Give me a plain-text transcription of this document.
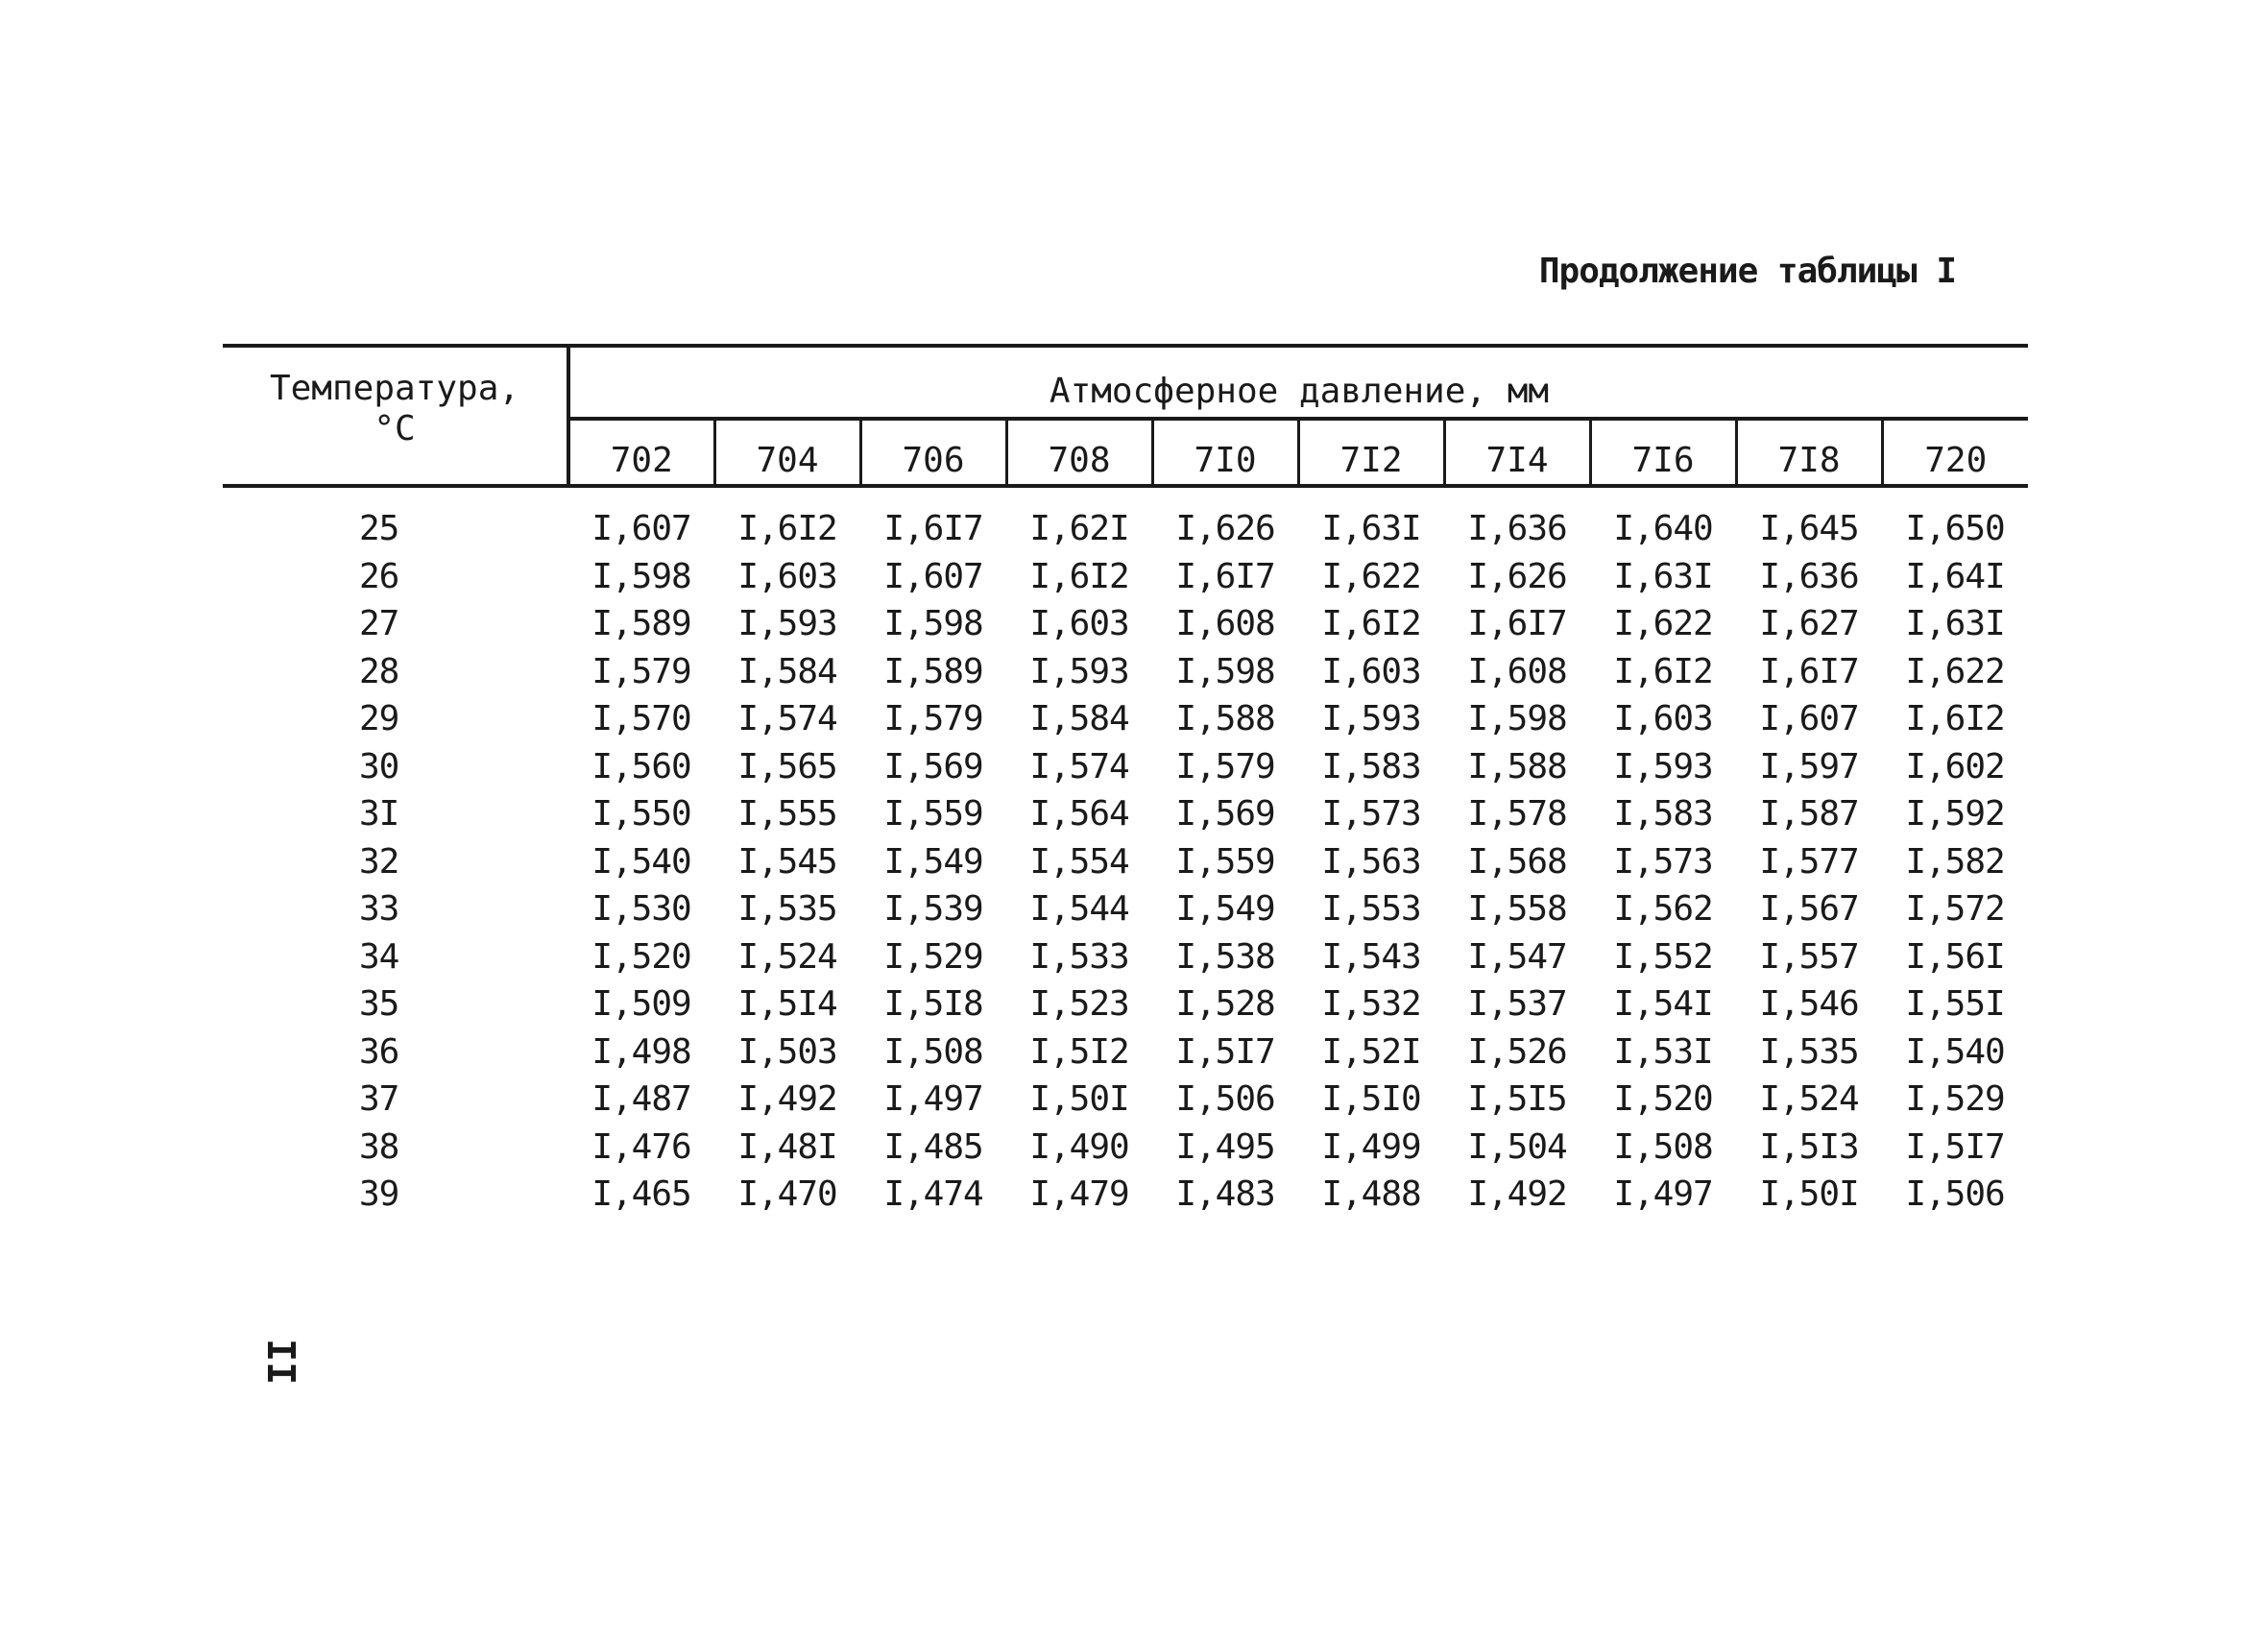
Продолжение таблицы I
Температура,
°C	Атмосферное давление, мм									
	702	704	706	708	7I0	7I2	7I4	7I6	7I8	720
25	I,607	I,6I2	I,6I7	I,62I	I,626	I,63I	I,636	I,640	I,645	I,650
26	I,598	I,603	I,607	I,6I2	I,6I7	I,622	I,626	I,63I	I,636	I,64I
27	I,589	I,593	I,598	I,603	I,608	I,6I2	I,6I7	I,622	I,627	I,63I
28	I,579	I,584	I,589	I,593	I,598	I,603	I,608	I,6I2	I,6I7	I,622
29	I,570	I,574	I,579	I,584	I,588	I,593	I,598	I,603	I,607	I,6I2
30	I,560	I,565	I,569	I,574	I,579	I,583	I,588	I,593	I,597	I,602
3I	I,550	I,555	I,559	I,564	I,569	I,573	I,578	I,583	I,587	I,592
32	I,540	I,545	I,549	I,554	I,559	I,563	I,568	I,573	I,577	I,582
33	I,530	I,535	I,539	I,544	I,549	I,553	I,558	I,562	I,567	I,572
34	I,520	I,524	I,529	I,533	I,538	I,543	I,547	I,552	I,557	I,56I
35	I,509	I,5I4	I,5I8	I,523	I,528	I,532	I,537	I,54I	I,546	I,55I
36	I,498	I,503	I,508	I,5I2	I,5I7	I,52I	I,526	I,53I	I,535	I,540
37	I,487	I,492	I,497	I,50I	I,506	I,5I0	I,5I5	I,520	I,524	I,529
38	I,476	I,48I	I,485	I,490	I,495	I,499	I,504	I,508	I,5I3	I,5I7
39	I,465	I,470	I,474	I,479	I,483	I,488	I,492	I,497	I,50I	I,506
II
